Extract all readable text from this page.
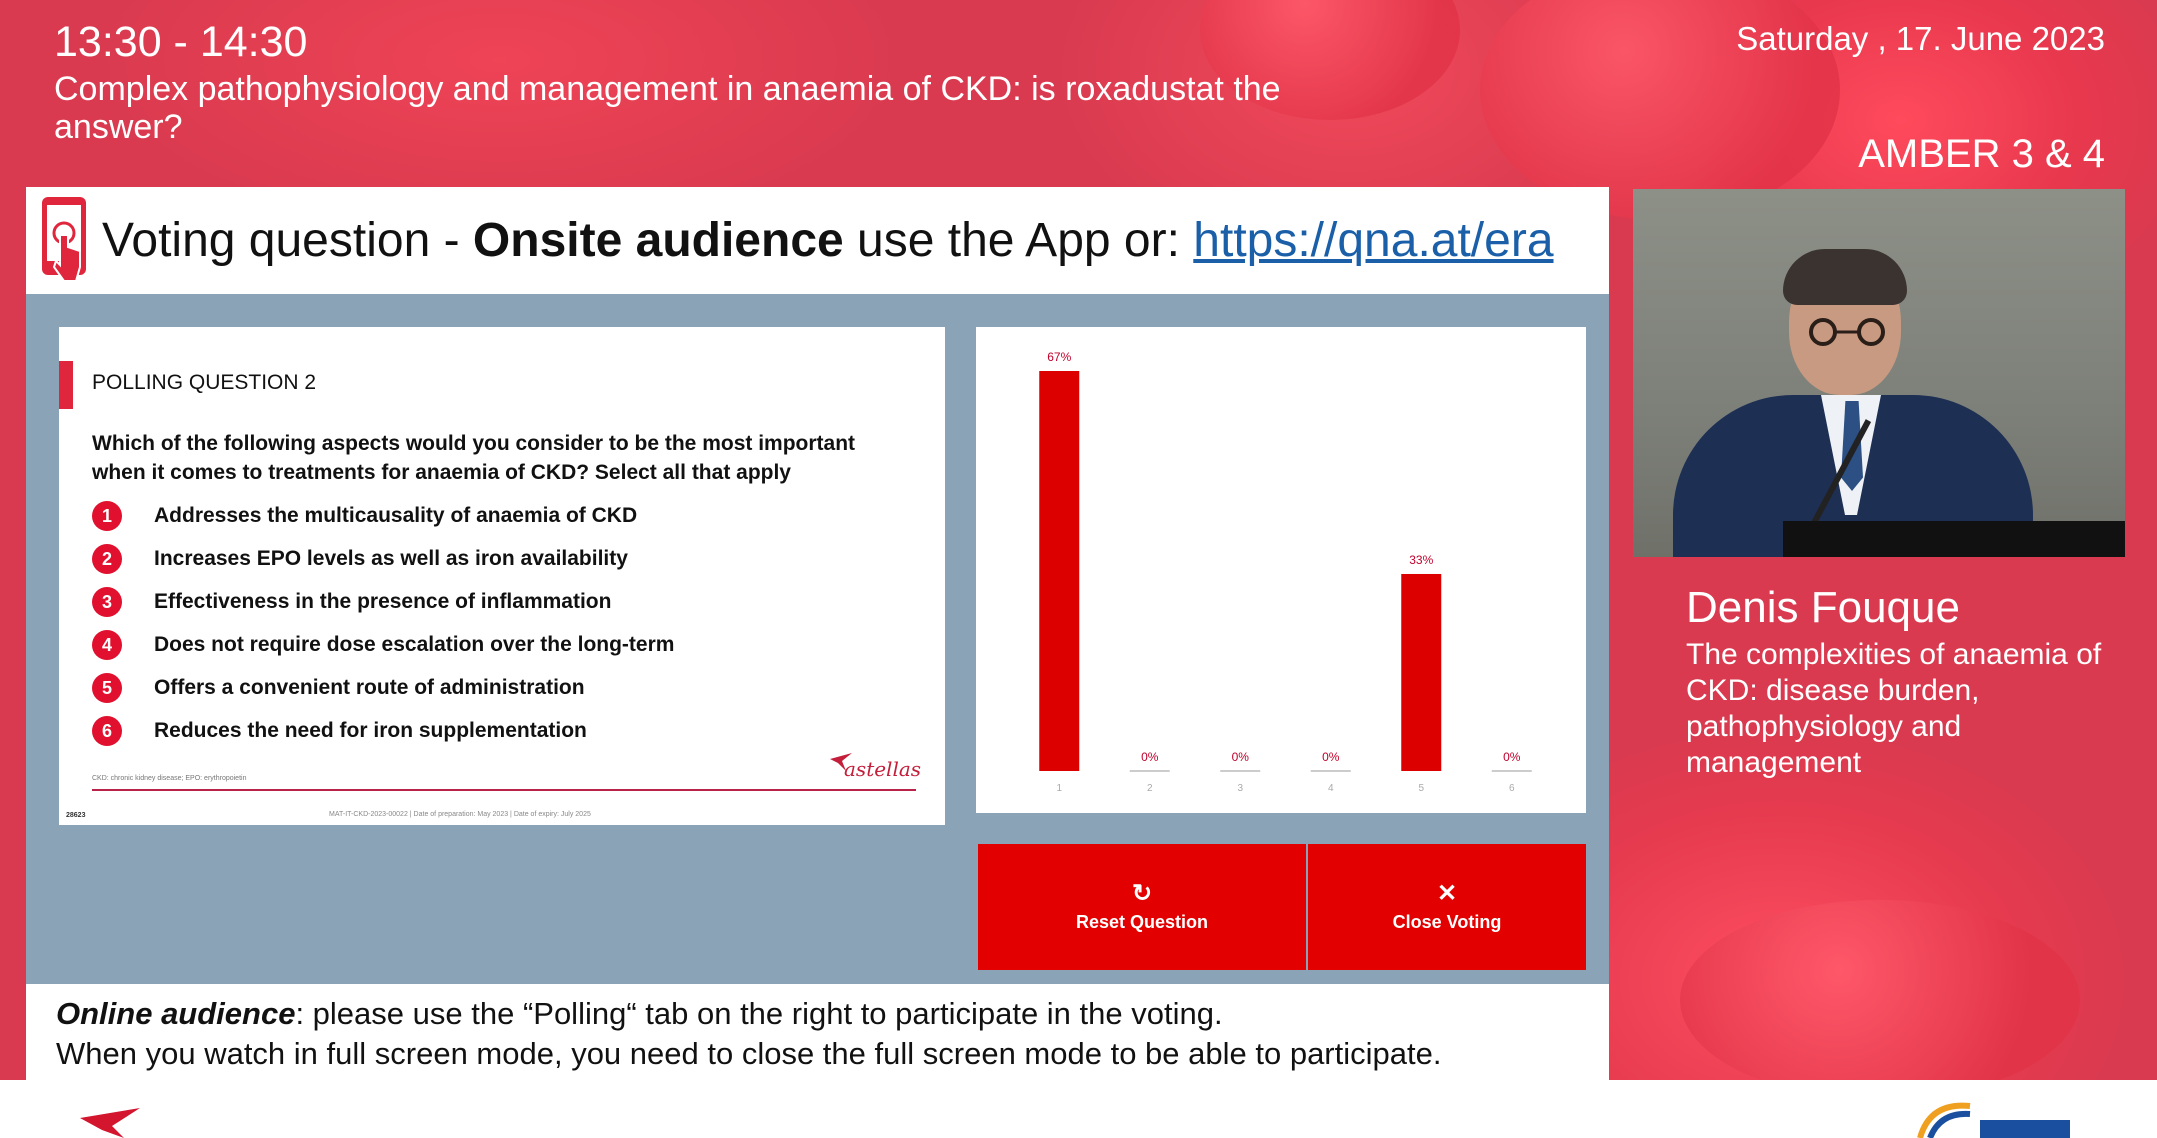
13:30 - 14:30
Complex pathophysiology and management in anaemia of CKD: is roxadustat the answer?
Saturday , 17. June 2023
AMBER 3 & 4
Voting question - Onsite audience use the App or: https://qna.at/era
POLLING QUESTION 2
Which of the following aspects would you consider to be the most important when it comes to treatments for anaemia of CKD? Select all that apply
1	Addresses the multicausality of anaemia of CKD
2	Increases EPO levels as well as iron availability
3	Effectiveness in the presence of inflammation
4	Does not require dose escalation over the long-term
5	Offers a convenient route of administration
6	Reduces the need for iron supplementation
astellas
CKD: chronic kidney disease; EPO: erythropoietin
28623	MAT-IT-CKD-2023-00022 | Date of preparation: May 2023 | Date of expiry: July 2025
67%
1
0%
2
0%
3
0%
4
33%
5
0%
6
↻
Reset Question
✕
Close Voting
Online audience: please use the “Polling“ tab on the right to participate in the voting.
When you watch in full screen mode, you need to close the full screen mode to be able to participate.
Denis Fouque
The complexities of anaemia of CKD: disease burden, pathophysiology and management
